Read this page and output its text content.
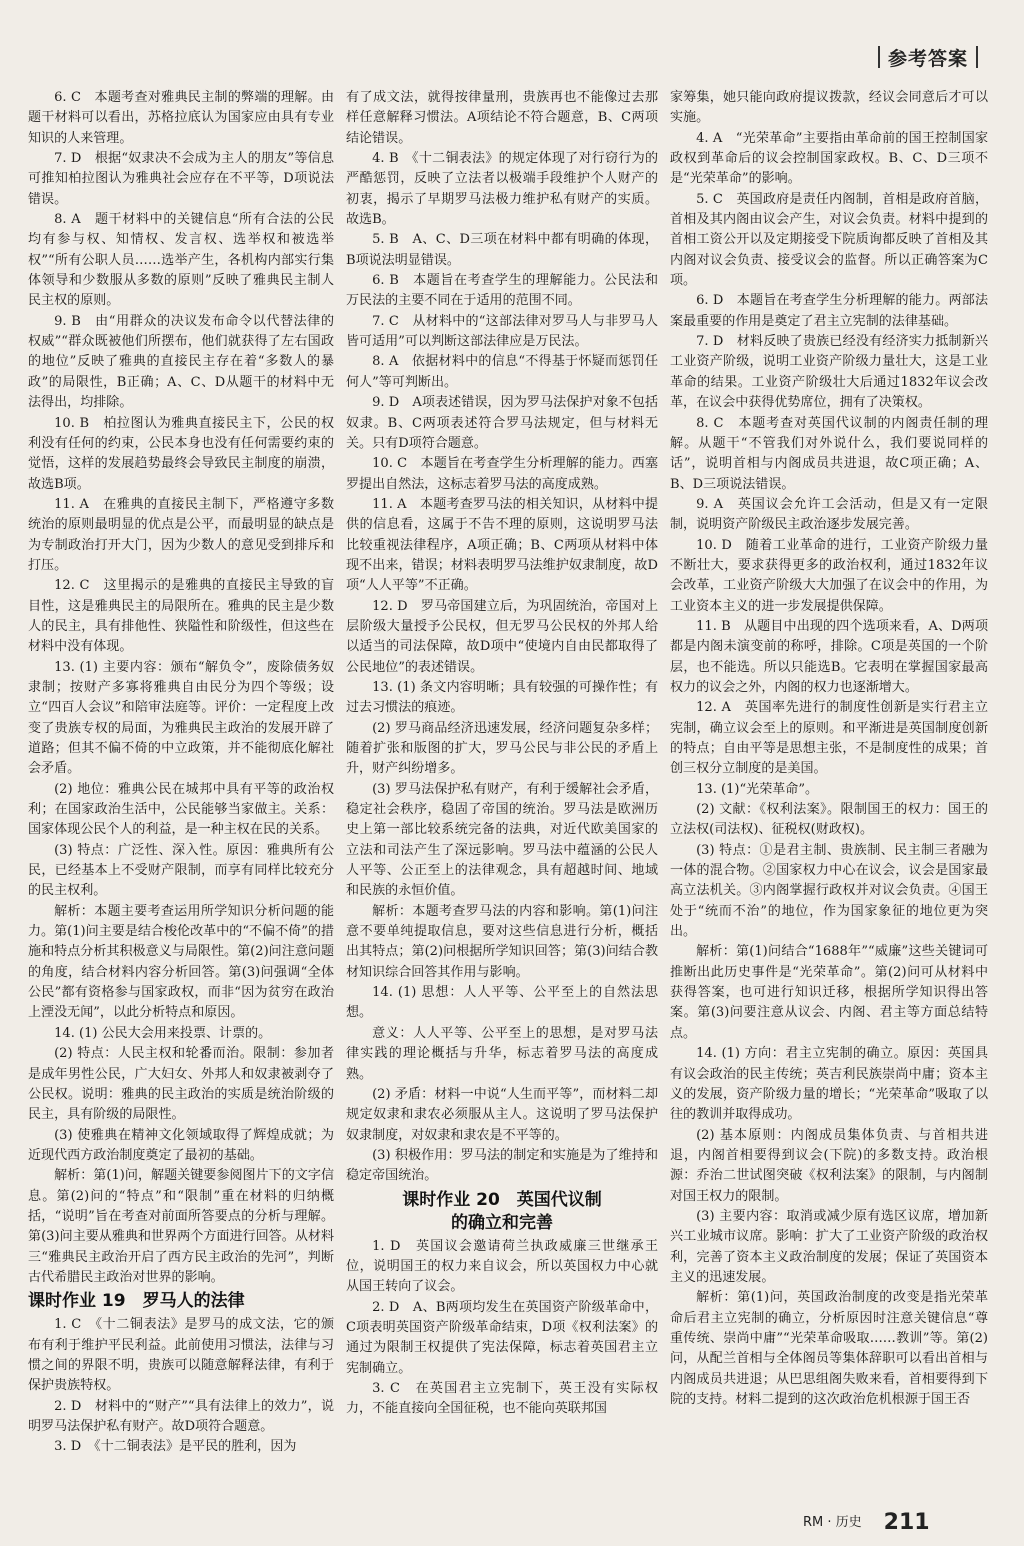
参考答案

6. C　本题考查对雅典民主制的弊端的理解。由题干材料可以看出，苏格拉底认为国家应由具有专业知识的人来管理。

7. D　根据“奴隶决不会成为主人的朋友”等信息可推知柏拉图认为雅典社会应存在不平等，D项说法错误。

8. A　题干材料中的关键信息“所有合法的公民均有参与权、知情权、发言权、选举权和被选举权”“所有公职人员……选举产生，各机构内部实行集体领导和少数服从多数的原则”反映了雅典民主制人民主权的原则。

9. B　由“用群众的决议发布命令以代替法律的权威”“群众既被他们所摆布，他们就获得了左右国政的地位”反映了雅典的直接民主存在着“多数人的暴政”的局限性，B正确；A、C、D从题干的材料中无法得出，均排除。

10. B　柏拉图认为雅典直接民主下，公民的权利没有任何的约束，公民本身也没有任何需要约束的觉悟，这样的发展趋势最终会导致民主制度的崩溃，故选B项。

11. A　在雅典的直接民主制下，严格遵守多数统治的原则最明显的优点是公平，而最明显的缺点是为专制政治打开大门，因为少数人的意见受到排斥和打压。

12. C　这里揭示的是雅典的直接民主导致的盲目性，这是雅典民主的局限所在。雅典的民主是少数人的民主，具有排他性、狭隘性和阶级性，但这些在材料中没有体现。

13. (1) 主要内容：颁布“解负令”，废除债务奴隶制；按财产多寡将雅典自由民分为四个等级；设立“四百人会议”和陪审法庭等。评价：一定程度上改变了贵族专权的局面，为雅典民主政治的发展开辟了道路；但其不偏不倚的中立政策，并不能彻底化解社会矛盾。

(2) 地位：雅典公民在城邦中具有平等的政治权利；在国家政治生活中，公民能够当家做主。关系：国家体现公民个人的利益，是一种主权在民的关系。

(3) 特点：广泛性、深入性。原因：雅典所有公民，已经基本上不受财产限制，而享有同样比较充分的民主权利。

解析：本题主要考查运用所学知识分析问题的能力。第(1)问主要是结合梭伦改革中的“不偏不倚”的措施和特点分析其积极意义与局限性。第(2)问注意问题的角度，结合材料内容分析回答。第(3)问强调“全体公民”都有资格参与国家政权，而非“因为贫穷在政治上湮没无闻”，以此分析特点和原因。

14. (1) 公民大会用来投票、计票的。

(2) 特点：人民主权和轮番而治。限制：参加者是成年男性公民，广大妇女、外邦人和奴隶被剥夺了公民权。说明：雅典的民主政治的实质是统治阶级的民主，具有阶级的局限性。

(3) 使雅典在精神文化领域取得了辉煌成就；为近现代西方政治制度奠定了最初的基础。

解析：第(1)问，解题关键要参阅图片下的文字信息。第(2)问的“特点”和“限制”重在材料的归纳概括，“说明”旨在考查对前面所答要点的分析与理解。第(3)问主要从雅典和世界两个方面进行回答。从材料三“雅典民主政治开启了西方民主政治的先河”，判断古代希腊民主政治对世界的影响。

课时作业 19　罗马人的法律

1. C　《十二铜表法》是罗马的成文法，它的颁布有利于维护平民利益。此前使用习惯法，法律与习惯之间的界限不明，贵族可以随意解释法律，有利于保护贵族特权。

2. D　材料中的“财产”“具有法律上的效力”，说明罗马法保护私有财产。故D项符合题意。

3. D　《十二铜表法》是平民的胜利，因为

有了成文法，就得按律量刑，贵族再也不能像过去那样任意解释习惯法。A项结论不符合题意，B、C两项结论错误。

4. B　《十二铜表法》的规定体现了对行窃行为的严酷惩罚，反映了立法者以极端手段维护个人财产的初衷，揭示了早期罗马法极力维护私有财产的实质。故选B。

5. B　A、C、D三项在材料中都有明确的体现，B项说法明显错误。

6. B　本题旨在考查学生的理解能力。公民法和万民法的主要不同在于适用的范围不同。

7. C　从材料中的“这部法律对罗马人与非罗马人皆可适用”可以判断这部法律应是万民法。

8. A　依据材料中的信息“不得基于怀疑而惩罚任何人”等可判断出。

9. D　A项表述错误，因为罗马法保护对象不包括奴隶。B、C两项表述符合罗马法规定，但与材料无关。只有D项符合题意。

10. C　本题旨在考查学生分析理解的能力。西塞罗提出自然法，这标志着罗马法的高度成熟。

11. A　本题考查罗马法的相关知识，从材料中提供的信息看，这属于不告不理的原则，这说明罗马法比较重视法律程序，A项正确；B、C两项从材料中体现不出来，错误；材料表明罗马法维护奴隶制度，故D项“人人平等”不正确。

12. D　罗马帝国建立后，为巩固统治，帝国对上层阶级大量授予公民权，但无罗马公民权的外邦人给以适当的司法保障，故D项中“使境内自由民都取得了公民地位”的表述错误。

13. (1) 条文内容明晰；具有较强的可操作性；有过去习惯法的痕迹。

(2) 罗马商品经济迅速发展，经济问题复杂多样；随着扩张和版图的扩大，罗马公民与非公民的矛盾上升，财产纠纷增多。

(3) 罗马法保护私有财产，有利于缓解社会矛盾，稳定社会秩序，稳固了帝国的统治。罗马法是欧洲历史上第一部比较系统完备的法典，对近代欧美国家的立法和司法产生了深远影响。罗马法中蕴涵的公民人人平等、公正至上的法律观念，具有超越时间、地域和民族的永恒价值。

解析：本题考查罗马法的内容和影响。第(1)问注意不要单纯提取信息，要对这些信息进行分析，概括出其特点；第(2)问根据所学知识回答；第(3)问结合教材知识综合回答其作用与影响。

14. (1) 思想：人人平等、公平至上的自然法思想。

意义：人人平等、公平至上的思想，是对罗马法律实践的理论概括与升华，标志着罗马法的高度成熟。

(2) 矛盾：材料一中说“人生而平等”，而材料二却规定奴隶和隶农必须服从主人。这说明了罗马法保护奴隶制度，对奴隶和隶农是不平等的。

(3) 积极作用：罗马法的制定和实施是为了维持和稳定帝国统治。

课时作业 20　英国代议制
的确立和完善

1. D　英国议会邀请荷兰执政威廉三世继承王位，说明国王的权力来自议会，所以英国权力中心就从国王转向了议会。

2. D　A、B两项均发生在英国资产阶级革命中，C项表明英国资产阶级革命结束，D项《权利法案》的通过为限制王权提供了宪法保障，标志着英国君主立宪制确立。

3. C　在英国君主立宪制下，英王没有实际权力，不能直接向全国征税，也不能向英联邦国

家筹集，她只能向政府提议拨款，经议会同意后才可以实施。

4. A　“光荣革命”主要指由革命前的国王控制国家政权到革命后的议会控制国家政权。B、C、D三项不是“光荣革命”的影响。

5. C　英国政府是责任内阁制，首相是政府首脑，首相及其内阁由议会产生，对议会负责。材料中提到的首相工资公开以及定期接受下院质询都反映了首相及其内阁对议会负责、接受议会的监督。所以正确答案为C项。

6. D　本题旨在考查学生分析理解的能力。两部法案最重要的作用是奠定了君主立宪制的法律基础。

7. D　材料反映了贵族已经没有经济实力抵制新兴工业资产阶级，说明工业资产阶级力量壮大，这是工业革命的结果。工业资产阶级壮大后通过1832年议会改革，在议会中获得优势席位，拥有了决策权。

8. C　本题考查对英国代议制的内阁责任制的理解。从题干“不管我们对外说什么，我们要说同样的话”，说明首相与内阁成员共进退，故C项正确；A、B、D三项说法错误。

9. A　英国议会允许工会活动，但是又有一定限制，说明资产阶级民主政治逐步发展完善。

10. D　随着工业革命的进行，工业资产阶级力量不断壮大，要求获得更多的政治权利，通过1832年议会改革，工业资产阶级大大加强了在议会中的作用，为工业资本主义的进一步发展提供保障。

11. B　从题目中出现的四个选项来看，A、D两项都是内阁未演变前的称呼，排除。C项是英国的一个阶层，也不能选。所以只能选B。它表明在掌握国家最高权力的议会之外，内阁的权力也逐渐增大。

12. A　英国率先进行的制度性创新是实行君主立宪制，确立议会至上的原则。和平渐进是英国制度创新的特点；自由平等是思想主张，不是制度性的成果；首创三权分立制度的是美国。

13. (1)“光荣革命”。

(2) 文献：《权利法案》。限制国王的权力：国王的立法权(司法权)、征税权(财政权)。

(3) 特点：①是君主制、贵族制、民主制三者融为一体的混合物。②国家权力中心在议会，议会是国家最高立法机关。③内阁掌握行政权并对议会负责。④国王处于“统而不治”的地位，作为国家象征的地位更为突出。

解析：第(1)问结合“1688年”“威廉”这些关键词可推断出此历史事件是“光荣革命”。第(2)问可从材料中获得答案，也可进行知识迁移，根据所学知识得出答案。第(3)问要注意从议会、内阁、君主等方面总结特点。

14. (1) 方向：君主立宪制的确立。原因：英国具有议会政治的民主传统；英吉利民族崇尚中庸；资本主义的发展，资产阶级力量的增长；“光荣革命”吸取了以往的教训并取得成功。

(2) 基本原则：内阁成员集体负责、与首相共进退，内阁首相要得到议会(下院)的多数支持。政治根源：乔治二世试图突破《权利法案》的限制，与内阁制对国王权力的限制。

(3) 主要内容：取消或减少原有选区议席，增加新兴工业城市议席。影响：扩大了工业资产阶级的政治权利，完善了资本主义政治制度的发展；保证了英国资本主义的迅速发展。

解析：第(1)问，英国政治制度的改变是指光荣革命后君主立宪制的确立，分析原因时注意关键信息“尊重传统、崇尚中庸”“光荣革命吸取……教训”等。第(2)问，从配兰首相与全体阁员等集体辞职可以看出首相与内阁成员共进退；从巴思组阁失败来看，首相要得到下院的支持。材料二提到的这次政治危机根源于国王否

RM · 历史 211
